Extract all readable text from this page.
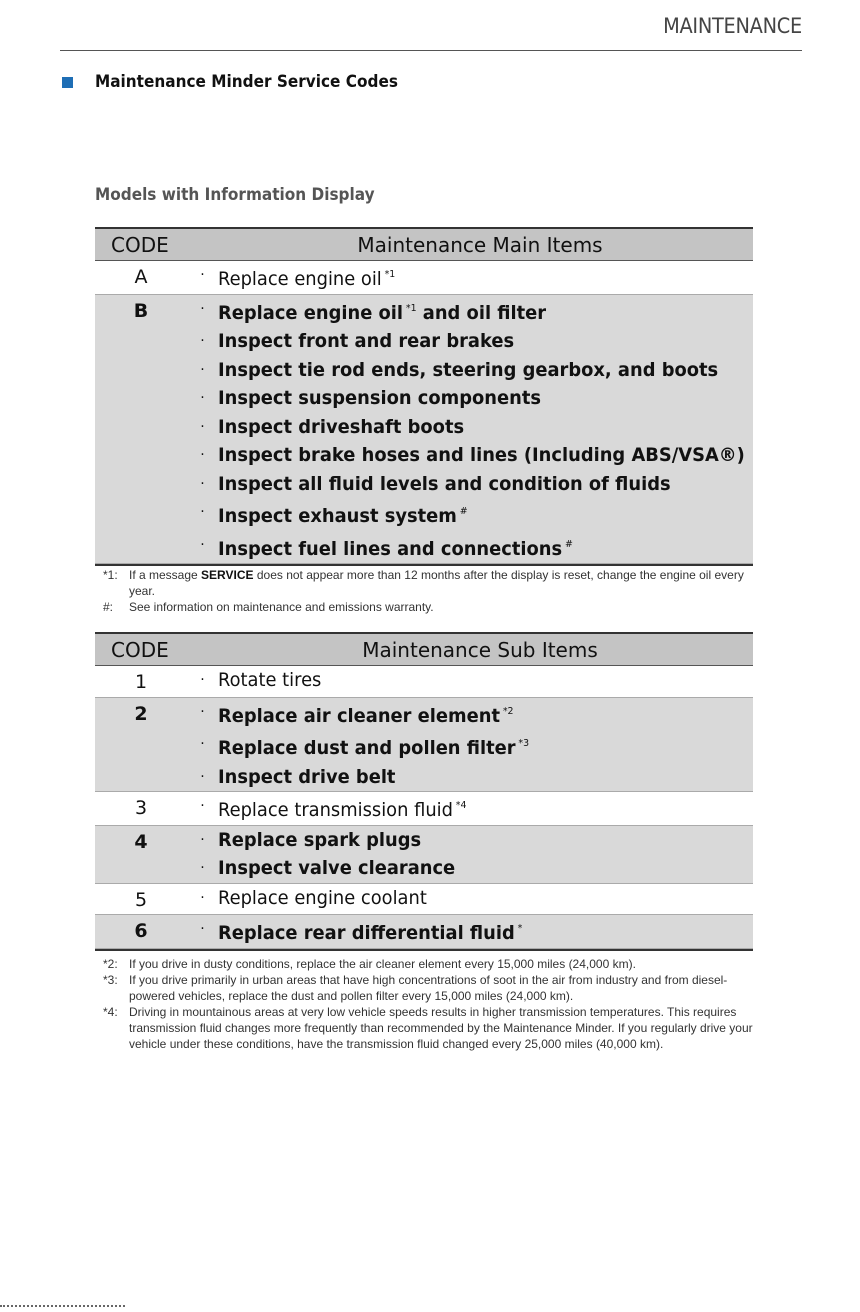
MAINTENANCE
Maintenance Minder Service Codes
Models with Information Display
CODE	Maintenance Main Items
A	· Replace engine oil $^{*1}$
B	· Replace engine oil $^{*1}$ and oil filter
· Inspect front and rear brakes
· Inspect tie rod ends, steering gearbox, and boots
· Inspect suspension components
· Inspect driveshaft boots
· Inspect brake hoses and lines (Including ABS/VSA®)
· Inspect all fluid levels and condition of fluids
· Inspect exhaust system #
· Inspect fuel lines and connections #
*1: If a message SERVICE does not appear more than 12 months after the display is reset, change the engine oil every year.
#:	See information on maintenance and emissions warranty.
CODE	Maintenance Sub Items
1	· Rotate tires
2	· Replace air cleaner element $^{*2}$
· Replace dust and pollen filter $^{*3}$
· Inspect drive belt
3	· Replace transmission fluid $^{*4}$
4	· Replace spark plugs
· Inspect valve clearance
5	· Replace engine coolant
6	· Replace rear differential fluid *
*2: If you drive in dusty conditions, replace the air cleaner element every 15,000 miles (24,000 km).
*3: If you drive primarily in urban areas that have high concentrations of soot in the air from industry and from diesel-powered vehicles, replace the dust and pollen filter every 15,000 miles (24,000 km).
*4: Driving in mountainous areas at very low vehicle speeds results in higher transmission temperatures. This requires transmission fluid changes more frequently than recommended by the Maintenance Minder. If you regularly drive your vehicle under these conditions, have the transmission fluid changed every 25,000 miles (40,000 km).
